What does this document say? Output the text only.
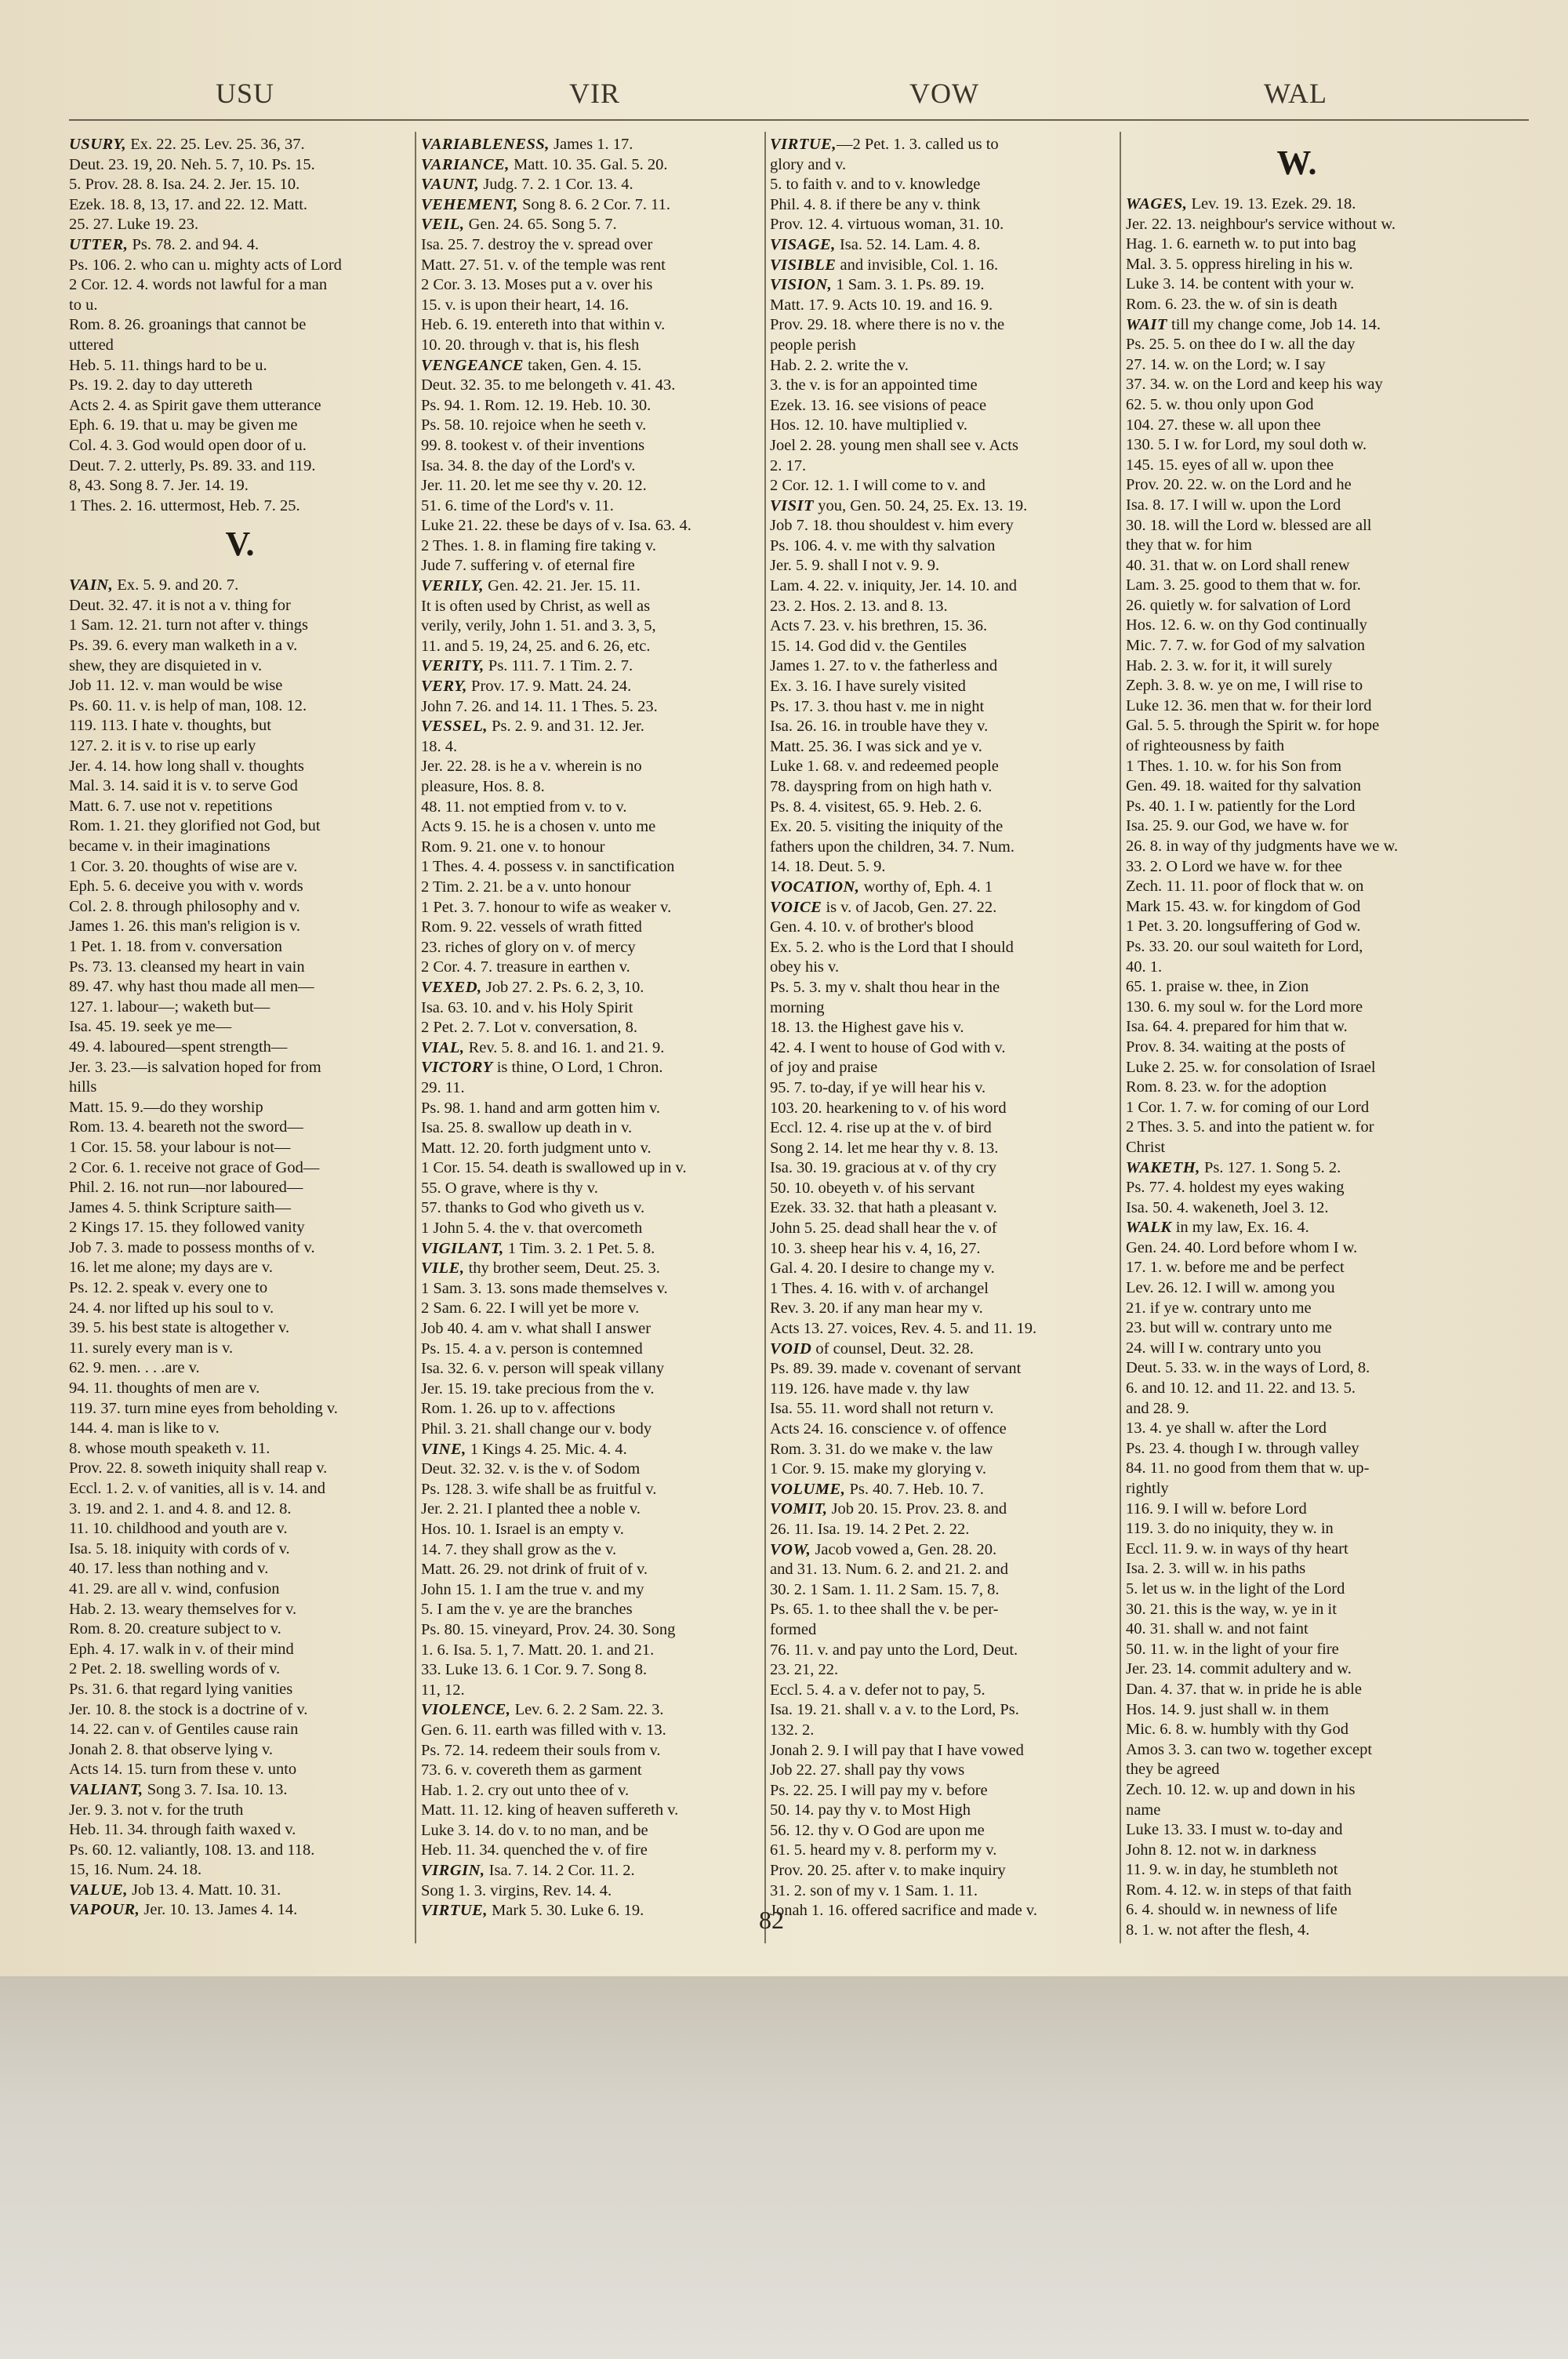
USU	VIR	VOW	WAL
USURY, Ex. 22. 25. Lev. 25. 36, 37.
Deut. 23. 19, 20. Neh. 5. 7, 10. Ps. 15.
5. Prov. 28. 8. Isa. 24. 2. Jer. 15. 10.
Ezek. 18. 8, 13, 17. and 22. 12. Matt.
25. 27. Luke 19. 23.
UTTER, Ps. 78. 2. and 94. 4.
Ps. 106. 2. who can u. mighty acts of Lord
2 Cor. 12. 4. words not lawful for a man
to u.
Rom. 8. 26. groanings that cannot be
uttered
Heb. 5. 11. things hard to be u.
Ps. 19. 2. day to day uttereth
Acts 2. 4. as Spirit gave them utterance
Eph. 6. 19. that u. may be given me
Col. 4. 3. God would open door of u.
Deut. 7. 2. utterly, Ps. 89. 33. and 119.
8, 43. Song 8. 7. Jer. 14. 19.
1 Thes. 2. 16. uttermost, Heb. 7. 25.
V.
VAIN, Ex. 5. 9. and 20. 7.
Deut. 32. 47. it is not a v. thing for
1 Sam. 12. 21. turn not after v. things
Ps. 39. 6. every man walketh in a v.
shew, they are disquieted in v.
Job 11. 12. v. man would be wise
Ps. 60. 11. v. is help of man, 108. 12.
119. 113. I hate v. thoughts, but
127. 2. it is v. to rise up early
Jer. 4. 14. how long shall v. thoughts
Mal. 3. 14. said it is v. to serve God
Matt. 6. 7. use not v. repetitions
Rom. 1. 21. they glorified not God, but
became v. in their imaginations
1 Cor. 3. 20. thoughts of wise are v.
Eph. 5. 6. deceive you with v. words
Col. 2. 8. through philosophy and v.
James 1. 26. this man's religion is v.
1 Pet. 1. 18. from v. conversation
Ps. 73. 13. cleansed my heart in vain
89. 47. why hast thou made all men—
127. 1. labour—; waketh but—
Isa. 45. 19. seek ye me—
49. 4. laboured—spent strength—
Jer. 3. 23.—is salvation hoped for from
hills
Matt. 15. 9.—do they worship
Rom. 13. 4. beareth not the sword—
1 Cor. 15. 58. your labour is not—
2 Cor. 6. 1. receive not grace of God—
Phil. 2. 16. not run—nor laboured—
James 4. 5. think Scripture saith—
2 Kings 17. 15. they followed vanity
Job 7. 3. made to possess months of v.
16. let me alone; my days are v.
Ps. 12. 2. speak v. every one to
24. 4. nor lifted up his soul to v.
39. 5. his best state is altogether v.
11. surely every man is v.
62. 9. men. . . .are v.
94. 11. thoughts of men are v.
119. 37. turn mine eyes from beholding v.
144. 4. man is like to v.
8. whose mouth speaketh v. 11.
Prov. 22. 8. soweth iniquity shall reap v.
Eccl. 1. 2. v. of vanities, all is v. 14. and
3. 19. and 2. 1. and 4. 8. and 12. 8.
11. 10. childhood and youth are v.
Isa. 5. 18. iniquity with cords of v.
40. 17. less than nothing and v.
41. 29. are all v. wind, confusion
Hab. 2. 13. weary themselves for v.
Rom. 8. 20. creature subject to v.
Eph. 4. 17. walk in v. of their mind
2 Pet. 2. 18. swelling words of v.
Ps. 31. 6. that regard lying vanities
Jer. 10. 8. the stock is a doctrine of v.
14. 22. can v. of Gentiles cause rain
Jonah 2. 8. that observe lying v.
Acts 14. 15. turn from these v. unto
VALIANT, Song 3. 7. Isa. 10. 13.
Jer. 9. 3. not v. for the truth
Heb. 11. 34. through faith waxed v.
Ps. 60. 12. valiantly, 108. 13. and 118.
15, 16. Num. 24. 18.
VALUE, Job 13. 4. Matt. 10. 31.
VAPOUR, Jer. 10. 13. James 4. 14.
VARIABLENESS, James 1. 17.
VARIANCE, Matt. 10. 35. Gal. 5. 20.
VAUNT, Judg. 7. 2. 1 Cor. 13. 4.
VEHEMENT, Song 8. 6. 2 Cor. 7. 11.
VEIL, Gen. 24. 65. Song 5. 7.
Isa. 25. 7. destroy the v. spread over
Matt. 27. 51. v. of the temple was rent
2 Cor. 3. 13. Moses put a v. over his
15. v. is upon their heart, 14. 16.
Heb. 6. 19. entereth into that within v.
10. 20. through v. that is, his flesh
VENGEANCE taken, Gen. 4. 15.
Deut. 32. 35. to me belongeth v. 41. 43.
Ps. 94. 1. Rom. 12. 19. Heb. 10. 30.
Ps. 58. 10. rejoice when he seeth v.
99. 8. tookest v. of their inventions
Isa. 34. 8. the day of the Lord's v.
Jer. 11. 20. let me see thy v. 20. 12.
51. 6. time of the Lord's v. 11.
Luke 21. 22. these be days of v. Isa. 63. 4.
2 Thes. 1. 8. in flaming fire taking v.
Jude 7. suffering v. of eternal fire
VERILY, Gen. 42. 21. Jer. 15. 11.
It is often used by Christ, as well as
verily, verily, John 1. 51. and 3. 3, 5,
11. and 5. 19, 24, 25. and 6. 26, etc.
VERITY, Ps. 111. 7. 1 Tim. 2. 7.
VERY, Prov. 17. 9. Matt. 24. 24.
John 7. 26. and 14. 11. 1 Thes. 5. 23.
VESSEL, Ps. 2. 9. and 31. 12. Jer.
18. 4.
Jer. 22. 28. is he a v. wherein is no
pleasure, Hos. 8. 8.
48. 11. not emptied from v. to v.
Acts 9. 15. he is a chosen v. unto me
Rom. 9. 21. one v. to honour
1 Thes. 4. 4. possess v. in sanctification
2 Tim. 2. 21. be a v. unto honour
1 Pet. 3. 7. honour to wife as weaker v.
Rom. 9. 22. vessels of wrath fitted
23. riches of glory on v. of mercy
2 Cor. 4. 7. treasure in earthen v.
VEXED, Job 27. 2. Ps. 6. 2, 3, 10.
Isa. 63. 10. and v. his Holy Spirit
2 Pet. 2. 7. Lot v. conversation, 8.
VIAL, Rev. 5. 8. and 16. 1. and 21. 9.
VICTORY is thine, O Lord, 1 Chron.
29. 11.
Ps. 98. 1. hand and arm gotten him v.
Isa. 25. 8. swallow up death in v.
Matt. 12. 20. forth judgment unto v.
1 Cor. 15. 54. death is swallowed up in v.
55. O grave, where is thy v.
57. thanks to God who giveth us v.
1 John 5. 4. the v. that overcometh
VIGILANT, 1 Tim. 3. 2. 1 Pet. 5. 8.
VILE, thy brother seem, Deut. 25. 3.
1 Sam. 3. 13. sons made themselves v.
2 Sam. 6. 22. I will yet be more v.
Job 40. 4. am v. what shall I answer
Ps. 15. 4. a v. person is contemned
Isa. 32. 6. v. person will speak villany
Jer. 15. 19. take precious from the v.
Rom. 1. 26. up to v. affections
Phil. 3. 21. shall change our v. body
VINE, 1 Kings 4. 25. Mic. 4. 4.
Deut. 32. 32. v. is the v. of Sodom
Ps. 128. 3. wife shall be as fruitful v.
Jer. 2. 21. I planted thee a noble v.
Hos. 10. 1. Israel is an empty v.
14. 7. they shall grow as the v.
Matt. 26. 29. not drink of fruit of v.
John 15. 1. I am the true v. and my
5. I am the v. ye are the branches
Ps. 80. 15. vineyard, Prov. 24. 30. Song
1. 6. Isa. 5. 1, 7. Matt. 20. 1. and 21.
33. Luke 13. 6. 1 Cor. 9. 7. Song 8.
11, 12.
VIOLENCE, Lev. 6. 2. 2 Sam. 22. 3.
Gen. 6. 11. earth was filled with v. 13.
Ps. 72. 14. redeem their souls from v.
73. 6. v. covereth them as garment
Hab. 1. 2. cry out unto thee of v.
Matt. 11. 12. king of heaven suffereth v.
Luke 3. 14. do v. to no man, and be
Heb. 11. 34. quenched the v. of fire
VIRGIN, Isa. 7. 14. 2 Cor. 11. 2.
Song 1. 3. virgins, Rev. 14. 4.
VIRTUE, Mark 5. 30. Luke 6. 19.
VIRTUE,—2 Pet. 1. 3. called us to
glory and v.
5. to faith v. and to v. knowledge
Phil. 4. 8. if there be any v. think
Prov. 12. 4. virtuous woman, 31. 10.
VISAGE, Isa. 52. 14. Lam. 4. 8.
VISIBLE and invisible, Col. 1. 16.
VISION, 1 Sam. 3. 1. Ps. 89. 19.
Matt. 17. 9. Acts 10. 19. and 16. 9.
Prov. 29. 18. where there is no v. the
people perish
Hab. 2. 2. write the v.
3. the v. is for an appointed time
Ezek. 13. 16. see visions of peace
Hos. 12. 10. have multiplied v.
Joel 2. 28. young men shall see v. Acts
2. 17.
2 Cor. 12. 1. I will come to v. and
VISIT you, Gen. 50. 24, 25. Ex. 13. 19.
Job 7. 18. thou shouldest v. him every
Ps. 106. 4. v. me with thy salvation
Jer. 5. 9. shall I not v. 9. 9.
Lam. 4. 22. v. iniquity, Jer. 14. 10. and
23. 2. Hos. 2. 13. and 8. 13.
Acts 7. 23. v. his brethren, 15. 36.
15. 14. God did v. the Gentiles
James 1. 27. to v. the fatherless and
Ex. 3. 16. I have surely visited
Ps. 17. 3. thou hast v. me in night
Isa. 26. 16. in trouble have they v.
Matt. 25. 36. I was sick and ye v.
Luke 1. 68. v. and redeemed people
78. dayspring from on high hath v.
Ps. 8. 4. visitest, 65. 9. Heb. 2. 6.
Ex. 20. 5. visiting the iniquity of the
fathers upon the children, 34. 7. Num.
14. 18. Deut. 5. 9.
VOCATION, worthy of, Eph. 4. 1
VOICE is v. of Jacob, Gen. 27. 22.
Gen. 4. 10. v. of brother's blood
Ex. 5. 2. who is the Lord that I should
obey his v.
Ps. 5. 3. my v. shalt thou hear in the
morning
18. 13. the Highest gave his v.
42. 4. I went to house of God with v.
of joy and praise
95. 7. to-day, if ye will hear his v.
103. 20. hearkening to v. of his word
Eccl. 12. 4. rise up at the v. of bird
Song 2. 14. let me hear thy v. 8. 13.
Isa. 30. 19. gracious at v. of thy cry
50. 10. obeyeth v. of his servant
Ezek. 33. 32. that hath a pleasant v.
John 5. 25. dead shall hear the v. of
10. 3. sheep hear his v. 4, 16, 27.
Gal. 4. 20. I desire to change my v.
1 Thes. 4. 16. with v. of archangel
Rev. 3. 20. if any man hear my v.
Acts 13. 27. voices, Rev. 4. 5. and 11. 19.
VOID of counsel, Deut. 32. 28.
Ps. 89. 39. made v. covenant of servant
119. 126. have made v. thy law
Isa. 55. 11. word shall not return v.
Acts 24. 16. conscience v. of offence
Rom. 3. 31. do we make v. the law
1 Cor. 9. 15. make my glorying v.
VOLUME, Ps. 40. 7. Heb. 10. 7.
VOMIT, Job 20. 15. Prov. 23. 8. and
26. 11. Isa. 19. 14. 2 Pet. 2. 22.
VOW, Jacob vowed a, Gen. 28. 20.
and 31. 13. Num. 6. 2. and 21. 2. and
30. 2. 1 Sam. 1. 11. 2 Sam. 15. 7, 8.
Ps. 65. 1. to thee shall the v. be per-
formed
76. 11. v. and pay unto the Lord, Deut.
23. 21, 22.
Eccl. 5. 4. a v. defer not to pay, 5.
Isa. 19. 21. shall v. a v. to the Lord, Ps.
132. 2.
Jonah 2. 9. I will pay that I have vowed
Job 22. 27. shall pay thy vows
Ps. 22. 25. I will pay my v. before
50. 14. pay thy v. to Most High
56. 12. thy v. O God are upon me
61. 5. heard my v. 8. perform my v.
Prov. 20. 25. after v. to make inquiry
31. 2. son of my v. 1 Sam. 1. 11.
Jonah 1. 16. offered sacrifice and made v.
W.
WAGES, Lev. 19. 13. Ezek. 29. 18.
Jer. 22. 13. neighbour's service without w.
Hag. 1. 6. earneth w. to put into bag
Mal. 3. 5. oppress hireling in his w.
Luke 3. 14. be content with your w.
Rom. 6. 23. the w. of sin is death
WAIT till my change come, Job 14. 14.
Ps. 25. 5. on thee do I w. all the day
27. 14. w. on the Lord; w. I say
37. 34. w. on the Lord and keep his way
62. 5. w. thou only upon God
104. 27. these w. all upon thee
130. 5. I w. for Lord, my soul doth w.
145. 15. eyes of all w. upon thee
Prov. 20. 22. w. on the Lord and he
Isa. 8. 17. I will w. upon the Lord
30. 18. will the Lord w. blessed are all
they that w. for him
40. 31. that w. on Lord shall renew
Lam. 3. 25. good to them that w. for.
26. quietly w. for salvation of Lord
Hos. 12. 6. w. on thy God continually
Mic. 7. 7. w. for God of my salvation
Hab. 2. 3. w. for it, it will surely
Zeph. 3. 8. w. ye on me, I will rise to
Luke 12. 36. men that w. for their lord
Gal. 5. 5. through the Spirit w. for hope
of righteousness by faith
1 Thes. 1. 10. w. for his Son from
Gen. 49. 18. waited for thy salvation
Ps. 40. 1. I w. patiently for the Lord
Isa. 25. 9. our God, we have w. for
26. 8. in way of thy judgments have we w.
33. 2. O Lord we have w. for thee
Zech. 11. 11. poor of flock that w. on
Mark 15. 43. w. for kingdom of God
1 Pet. 3. 20. longsuffering of God w.
Ps. 33. 20. our soul waiteth for Lord,
40. 1.
65. 1. praise w. thee, in Zion
130. 6. my soul w. for the Lord more
Isa. 64. 4. prepared for him that w.
Prov. 8. 34. waiting at the posts of
Luke 2. 25. w. for consolation of Israel
Rom. 8. 23. w. for the adoption
1 Cor. 1. 7. w. for coming of our Lord
2 Thes. 3. 5. and into the patient w. for
Christ
WAKETH, Ps. 127. 1. Song 5. 2.
Ps. 77. 4. holdest my eyes waking
Isa. 50. 4. wakeneth, Joel 3. 12.
WALK in my law, Ex. 16. 4.
Gen. 24. 40. Lord before whom I w.
17. 1. w. before me and be perfect
Lev. 26. 12. I will w. among you
21. if ye w. contrary unto me
23. but will w. contrary unto me
24. will I w. contrary unto you
Deut. 5. 33. w. in the ways of Lord, 8.
6. and 10. 12. and 11. 22. and 13. 5.
and 28. 9.
13. 4. ye shall w. after the Lord
Ps. 23. 4. though I w. through valley
84. 11. no good from them that w. up-
rightly
116. 9. I will w. before Lord
119. 3. do no iniquity, they w. in
Eccl. 11. 9. w. in ways of thy heart
Isa. 2. 3. will w. in his paths
5. let us w. in the light of the Lord
30. 21. this is the way, w. ye in it
40. 31. shall w. and not faint
50. 11. w. in the light of your fire
Jer. 23. 14. commit adultery and w.
Dan. 4. 37. that w. in pride he is able
Hos. 14. 9. just shall w. in them
Mic. 6. 8. w. humbly with thy God
Amos 3. 3. can two w. together except
they be agreed
Zech. 10. 12. w. up and down in his
name
Luke 13. 33. I must w. to-day and
John 8. 12. not w. in darkness
11. 9. w. in day, he stumbleth not
Rom. 4. 12. w. in steps of that faith
6. 4. should w. in newness of life
8. 1. w. not after the flesh, 4.
82
